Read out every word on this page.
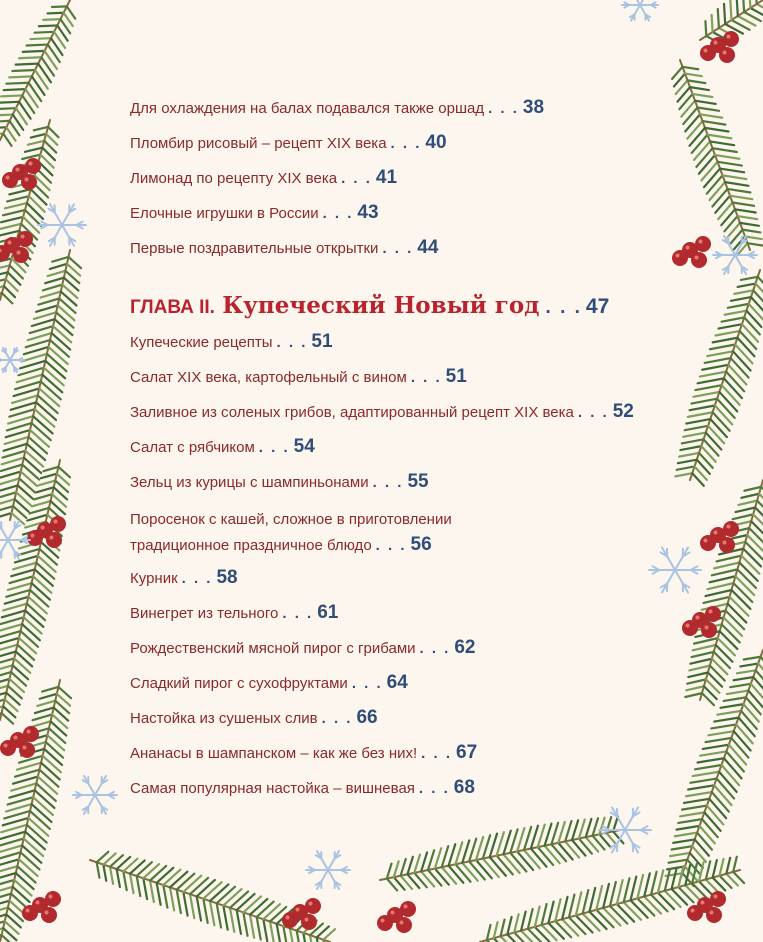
Для охлаждения на балах подавался также оршад . . . 38
Пломбир рисовый – рецепт XIX века . . . 40
Лимонад по рецепту XIX века . . . 41
Елочные игрушки в России . . . 43
Первые поздравительные открытки . . . 44
ГЛАВА II. Купеческий Новый год . . . 47
Купеческие рецепты . . . 51
Салат XIX века, картофельный с вином . . . 51
Заливное из соленых грибов, адаптированный рецепт XIX века . . . 52
Салат с рябчиком . . . 54
Зельц из курицы с шампиньонами . . . 55
Поросенок с кашей, сложное в приготовлении
традиционное праздничное блюдо . . . 56
Курник . . . 58
Винегрет из тельного . . . 61
Рождественский мясной пирог с грибами . . . 62
Сладкий пирог с сухофруктами . . . 64
Настойка из сушеных слив . . . 66
Ананасы в шампанском – как же без них! . . . 67
Самая популярная настойка – вишневая . . . 68
